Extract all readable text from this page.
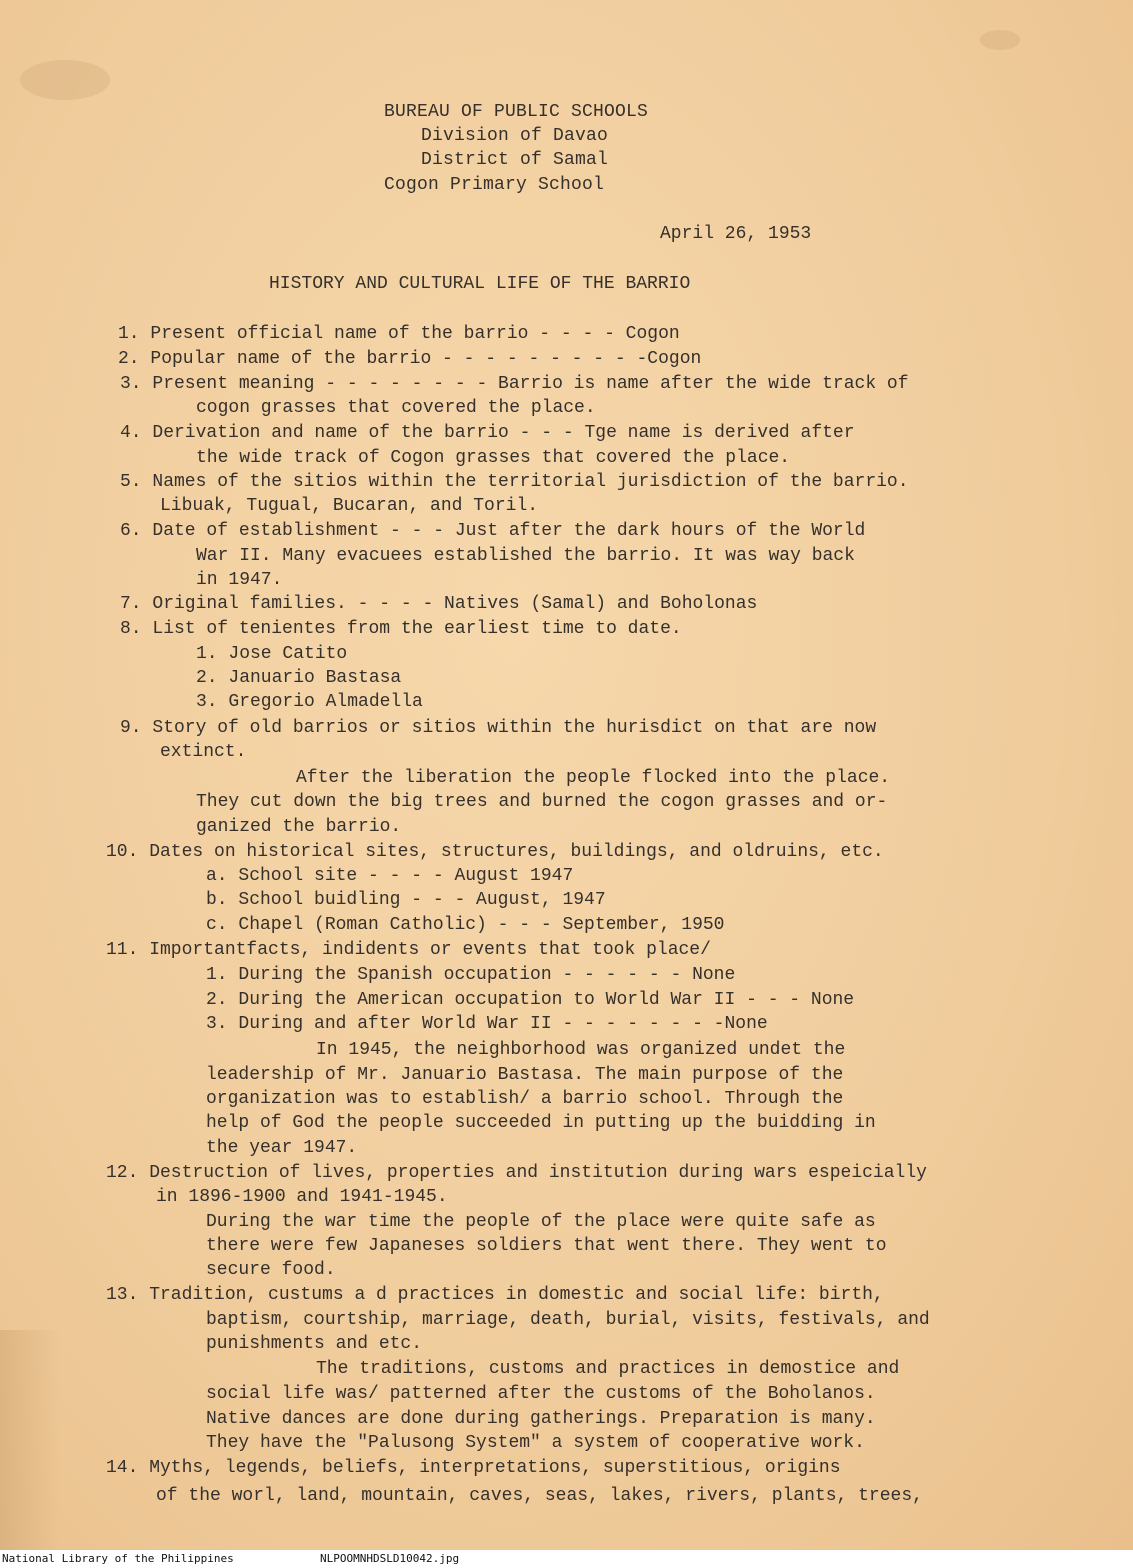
BUREAU OF PUBLIC SCHOOLS
Division of Davao
District of Samal
Cogon Primary School
April 26, 1953
HISTORY AND CULTURAL LIFE OF THE BARRIO
1. Present official name of the barrio - - - - Cogon
2. Popular name of the barrio - - - - - - - - - -Cogon
3. Present meaning - - - - - - - - Barrio is name after the wide track of
cogon grasses that covered the place.
4. Derivation and name of the barrio - - - Tge name is derived after
the wide track of Cogon grasses that covered the place.
5. Names of the sitios within the territorial jurisdiction of the barrio.
Libuak, Tugual, Bucaran, and Toril.
6. Date of establishment - - - Just after the dark hours of the World
War II. Many evacuees established the barrio. It was way back
in 1947.
7. Original families. - - - - Natives (Samal) and Boholonas
8. List of tenientes from the earliest time to date.
1. Jose Catito
2. Januario Bastasa
3. Gregorio Almadella
9. Story of old barrios or sitios within the hurisdict on that are now
extinct.
After the liberation the people flocked into the place.
They cut down the big trees and burned the cogon grasses and or-
ganized the barrio.
10. Dates on historical sites, structures, buildings, and oldruins, etc.
a. School site - - - - August 1947
b. School buidling - - - August, 1947
c. Chapel (Roman Catholic) - - - September, 1950
11. Importantfacts, indidents or events that took place/
1. During the Spanish occupation - - - - - - None
2. During the American occupation to World War II - - - None
3. During and after World War II - - - - - - - -None
In 1945, the neighborhood was organized undet the
leadership of Mr. Januario Bastasa. The main purpose of the
organization was to establish/ a barrio school. Through the
help of God the people succeeded in putting up the buidding in
the year 1947.
12. Destruction of lives, properties and institution during wars espeicially
in 1896-1900 and 1941-1945.
During the war time the people of the place were quite safe as
there were few Japaneses soldiers that went there. They went to
secure food.
13. Tradition, custums a d practices in domestic and social life: birth,
baptism, courtship, marriage, death, burial, visits, festivals, and
punishments and etc.
The traditions, customs and practices in demostice and
social life was/ patterned after the customs of the Boholanos.
Native dances are done during gatherings. Preparation is many.
They have the "Palusong System" a system of cooperative work.
14. Myths, legends, beliefs, interpretations, superstitious, origins
of the worl, land, mountain, caves, seas, lakes, rivers, plants, trees,
National Library of the Philippines	NLPOOMNHDSLD10042.jpg
